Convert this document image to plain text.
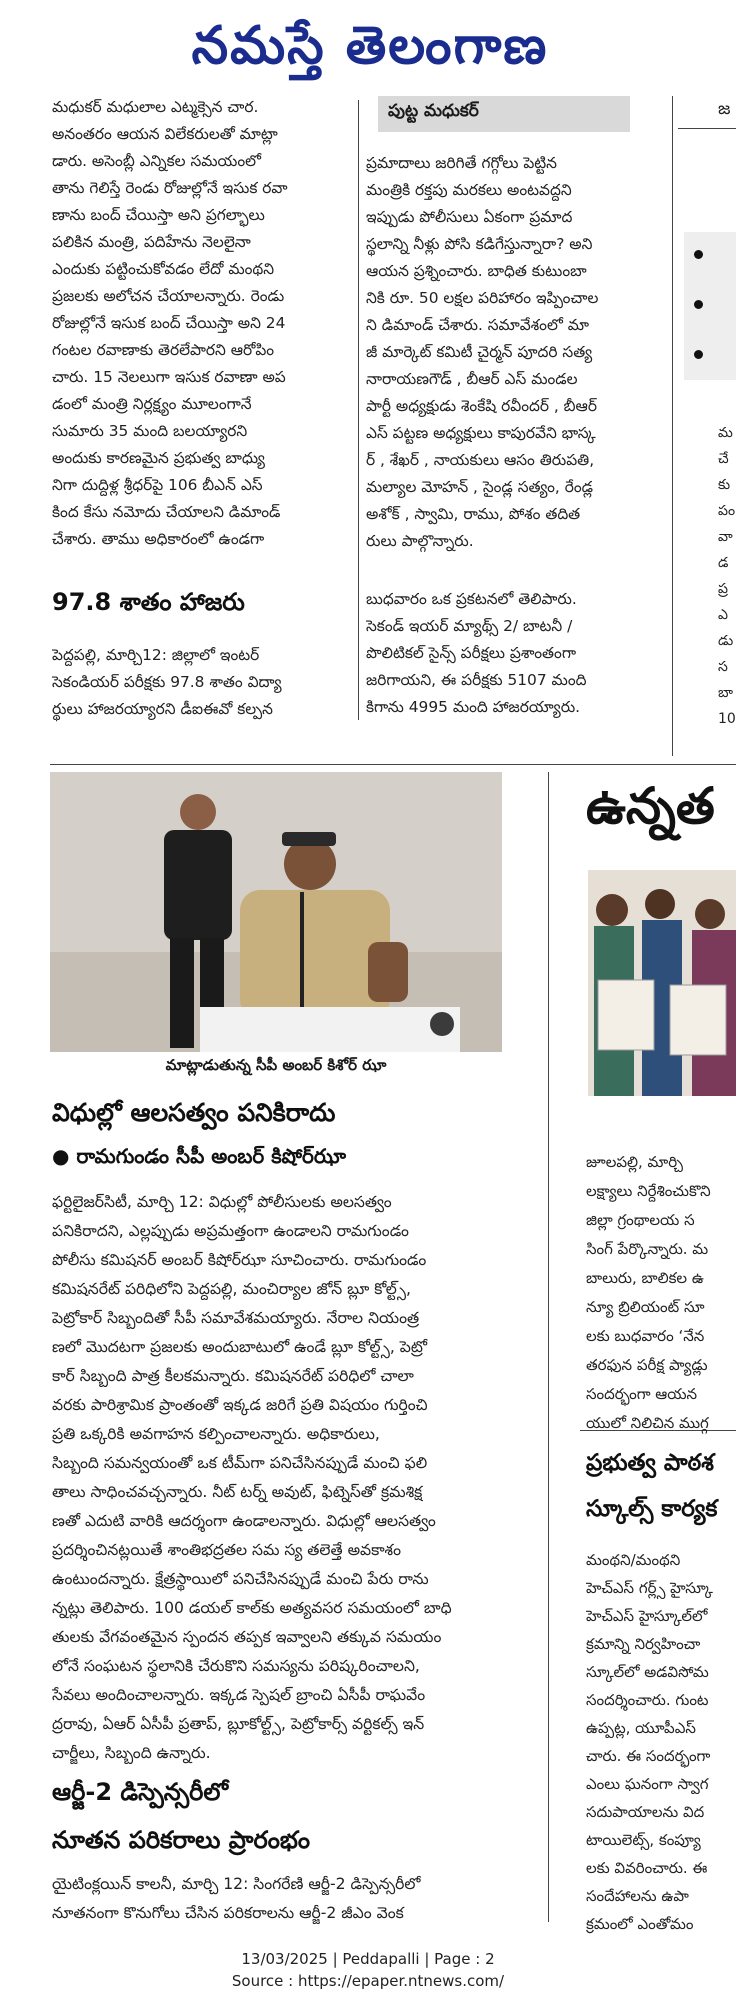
నమస్తే తెలంగాణ

మధుకర్ మధులాల ఎట్మక్సెన చార.

అనంతరం ఆయన విలేకరులతో మాట్లా

డారు. అసెంబ్లీ ఎన్నికల సమయంలో

తాను గెలిస్తే రెండు రోజుల్లోనే ఇసుక రవా

ణాను బంద్ చేయిస్తా అని ప్రగల్భాలు

పలికిన మంత్రి, పదిహేను నెలలైనా

ఎందుకు పట్టించుకోవడం లేదో మంథని

ప్రజలకు అలోచన చేయాలన్నారు. రెండు

రోజుల్లోనే ఇసుక బంద్ చేయిస్తా అని 24

గంటల రవాణాకు తెరలేపారని ఆరోపిం

చారు. 15 నెలలుగా ఇసుక రవాణా అప

డంలో మంత్రి నిర్లక్ష్యం మూలంగానే

సుమారు 35 మంది బలయ్యారని

అందుకు కారణమైన ప్రభుత్వ బాధ్యు

నిగా దుద్దిళ్ల శ్రీధర్‌పై 106 బీఎన్ ఎస్

కింద కేసు నమోదు చేయాలని డిమాండ్

చేశారు. తాము అధికారంలో ఉండగా

పుట్ట మధుకర్

ప్రమాదాలు జరిగితే గగ్గోలు పెట్టిన

మంత్రికి రక్తపు మరకలు అంటవద్దని

ఇప్పుడు పోలీసులు ఏకంగా ప్రమాద

స్థలాన్ని నీళ్లు పోసి కడిగేస్తున్నారా? అని

ఆయన ప్రశ్నించారు. బాధిత కుటుంబా

నికి రూ. 50 లక్షల పరిహారం ఇప్పించాల

ని డిమాండ్ చేశారు. సమావేశంలో మా

జీ మార్కెట్ కమిటీ చైర్మన్ పూదరి సత్య

నారాయణగౌడ్ , బీఆర్ ఎస్ మండల

పార్టీ అధ్యక్షుడు శెంకేషి రవీందర్ , బీఆర్

ఎస్ పట్టణ అధ్యక్షులు కాపురవేని భాస్క

ర్ , శేఖర్ , నాయకులు ఆసం తిరుపతి,

మల్యాల మోహన్ , సైండ్ల సత్యం, రేండ్ల

అశోక్ , స్వామి, రాము, పోశం తదిత

రులు పాల్గొన్నారు.

97.8 శాతం హాజరు

పెద్దపల్లి, మార్చి12: జిల్లాలో ఇంటర్

సెకండియర్ పరీక్షకు 97.8 శాతం విద్యా

ర్థులు హాజరయ్యారని డీఐఈవో కల్పన

బుధవారం ఒక ప్రకటనలో తెలిపారు.

సెకండ్ ఇయర్ మ్యాథ్స్ 2/ బాటనీ /

పొలిటికల్ సైన్స్ పరీక్షలు ప్రశాంతంగా

జరిగాయని, ఈ పరీక్షకు 5107 మంది

కిగాను 4995 మంది హాజరయ్యారు.

జ

మ

చే

కు

పం

వా

డ

ప్ర

ఎ

డు

స

బా

10

మాట్లాడుతున్న సీపీ అంబర్ కిశోర్ ఝా
ఉన్నత
విధుల్లో ఆలసత్వం పనికిరాదు
● రామగుండం సీపీ అంబర్ కిషోర్‌ఝా

ఫర్టిలైజర్‌సిటీ, మార్చి 12: విధుల్లో పోలీసులకు అలసత్వం

పనికిరాదని, ఎల్లప్పుడు అప్రమత్తంగా ఉండాలని రామగుండం

పోలీసు కమిషనర్ అంబర్ కిషోర్‌ఝా సూచించారు. రామగుండం

కమిషనరేట్ పరిధిలోని పెద్దపల్లి, మంచిర్యాల జోన్ బ్లూ కోల్ట్స్,

పెట్రోకార్ సిబ్బందితో సీపీ సమావేశమయ్యారు. నేరాల నియంత్ర

ణలో మొదటగా ప్రజలకు అందుబాటులో ఉండే బ్లూ కోల్ట్స్, పెట్రో

కార్ సిబ్బంది పాత్ర కీలకమన్నారు. కమిషనరేట్ పరిధిలో చాలా

వరకు పారిశ్రామిక ప్రాంతంతో ఇక్కడ జరిగే ప్రతి విషయం గుర్తించి

ప్రతి ఒక్కరికి అవగాహన కల్పించాలన్నారు. అధికారులు,

సిబ్బంది సమన్వయంతో ఒక టీమ్‌గా పనిచేసినప్పుడే మంచి ఫలి

తాలు సాధించవచ్చన్నారు. నీట్ టర్న్ అవుట్, ఫిట్నెస్‌తో క్రమశిక్ష

ణతో ఎదుటి వారికి ఆదర్శంగా ఉండాలన్నారు. విధుల్లో ఆలసత్వం

ప్రదర్శించినట్లయితే శాంతిభద్రతల సమ స్య తలెత్తే అవకాశం

ఉంటుందన్నారు. క్షేత్రస్థాయిలో పనిచేసినప్పుడే మంచి పేరు రాను

న్నట్లు తెలిపారు. 100 డయల్ కాల్‌కు అత్యవసర సమయంలో బాధి

తులకు వేగవంతమైన స్పందన తప్పక ఇవ్వాలని తక్కువ సమయం

లోనే సంఘటన స్థలానికి చేరుకొని సమస్యను పరిష్కరించాలని,

సేవలు అందించాలన్నారు. ఇక్కడ స్పెషల్ బ్రాంచి ఏసీపీ రాఘవేం

ద్రరావు, ఏఆర్ ఏసీపీ ప్రతాప్, బ్లూకోల్ట్స్, పెట్రోకార్స్ వర్టికల్స్ ఇన్

చార్జీలు, సిబ్బంది ఉన్నారు.

ఆర్జీ-2 డిస్పెన్సరీలో
నూతన పరికరాలు ప్రారంభం

యైటింక్లయిన్ కాలనీ, మార్చి 12: సింగరేణి ఆర్జీ-2 డిస్పెన్సరీలో

నూతనంగా కొనుగోలు చేసిన పరికరాలను ఆర్జీ-2 జీఎం వెంక

జూలపల్లి, మార్చి

లక్ష్యాలు నిర్దేశించుకొని

జిల్లా గ్రంథాలయ స

సింగ్ పేర్కొన్నారు. మ

బాలురు, బాలికల ఉ

న్యూ బ్రిలియంట్ సూ

లకు బుధవారం ‘నేన

తరఫున పరీక్ష ప్యాడ్లు

సందర్భంగా ఆయన

యులో నిలిచిన ముగ్గ

ప్రభుత్వ పాఠశ
స్కూల్స్ కార్యక

మంథని/మంథని

హెచ్‌ఎస్ గర్ల్స్ హైస్కూ

హెచ్‌ఎస్ హైస్కూల్‌లో

క్రమాన్ని నిర్వహించా

స్కూల్‌లో అడవిసోమ

సందర్శించారు. గుంట

ఉప్పట్ల, యూపీఎస్

చారు. ఈ సందర్భంగా

ఎంలు ఘనంగా స్వాగ

సదుపాయాలను విద

టాయిలెట్స్, కంప్యూ

లకు వివరించారు. ఈ

సందేహాలను ఉపా

క్రమంలో ఎంతోమం

13/03/2025 | Peddapalli | Page : 2
Source : https://epaper.ntnews.com/
